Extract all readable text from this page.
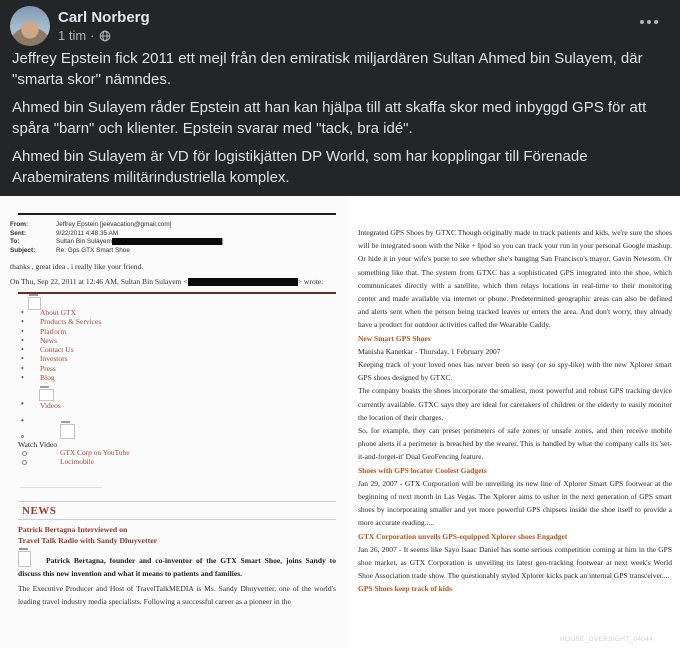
Carl Norberg
1 tim ·

Jeffrey Epstein fick 2011 ett mejl från den emiratisk miljardären Sultan Ahmed bin Sulayem, där "smarta skor" nämndes.

Ahmed bin Sulayem råder Epstein att han kan hjälpa till att skaffa skor med inbyggd GPS för att spåra "barn" och klienter. Epstein svarar med "tack, bra idé".

Ahmed bin Sulayem är VD för logistikjätten DP World, som har kopplingar till Förenade Arabemiratens militärindustriella komplex.

From:	Jeffrey Epstein [jeevacation@gmail.com]
Sent:	9/22/2011 4:48:35 AM
To:	Sultan Bin Sulayem	]
Subject:	Re: Gps GTX Smart Shoe
thanks , great idea , i really like your friend.
On Thu, Sep 22, 2011 at 12:46 AM, Sultan Bin Sulayem <	> wrote:
• About GTX
• Products & Services
• Platform
• News
• Contact Us
• Investors
• Press
• Blog
• Videos
•
Watch Video
GTX Corp on YouTube
Locimobile
NEWS
Patrick Bertagna Interviewed on
Travel Talk Radio with Sandy Dhuyvetter

Patrick Bertagna, founder and co-inventor of the GTX Smart Shoe, joins Sandy to discuss this new invention and what it means to patients and families.

The Executive Producer and Host of TravelTalkMEDIA is Ms. Sandy Dhuyvetter, one of the world's leading travel industry media specialists. Following a successful career as a pioneer in the

Integrated GPS Shoes by GTXC Though originally made to track patients and kids, we're sure the shoes will be integrated soon with the Nike + Ipod so you can track your run in your personal Google mashup. Or hide it in your wife's purse to see whether she's banging San Francisco's mayor, Gavin Newsom. Or something like that. The system from GTXC has a sophisticated GPS integrated into the shoe, which communicates directly with a satellite, which then relays locations in real-time to their monitoring center and made available via internet or phone. Predetermined geographic areas can also be defined and alerts sent when the person being tracked leaves or enters the area. And don't worry, they already have a product for outdoor activities called the Wearable Caddy.

New Smart GPS Shoes

Manisha Kanetkar - Thursday, 1 February 2007

Keeping track of your loved ones has never been so easy (or so spy-like) with the new Xplorer smart GPS shoes designed by GTXC.

The company boasts the shoes incorporate the smallest, most powerful and robust GPS tracking device currently available. GTXC says they are ideal for caretakers of children or the elderly to easily monitor the location of their charges.

So, for example, they can preset perimeters of safe zones or unsafe zones, and then receive mobile phone alerts if a perimeter is breached by the wearer. This is handled by what the company calls its 'set-it-and-forget-it' Dual GeoFencing feature.

Shoes with GPS locator Coolest Gadgets

Jan 29, 2007 - GTX Corporation will be unveiling its new line of Xplorer Smart GPS footwear at the beginning of next month in Las Vegas. The Xplorer aims to usher in the next generation of GPS smart shoes by incorporating smaller and yet more powerful GPS chipsets inside the shoe itself to provide a more accurate reading.....

GTX Corporation unveils GPS-equipped Xplorer shoes Engadget

Jan 26, 2007 - It seems like Sayo Isaac Daniel has some serious competition coming at him in the GPS shoe market, as GTX Corporation is unveiling its latest geo-tracking footwear at next week's World Shoe Association trade show. The questionably styled Xplorer kicks pack an internal GPS transceiver....

GPS Shoes keep track of kids

HOUSE_OVERSIGHT_04044
